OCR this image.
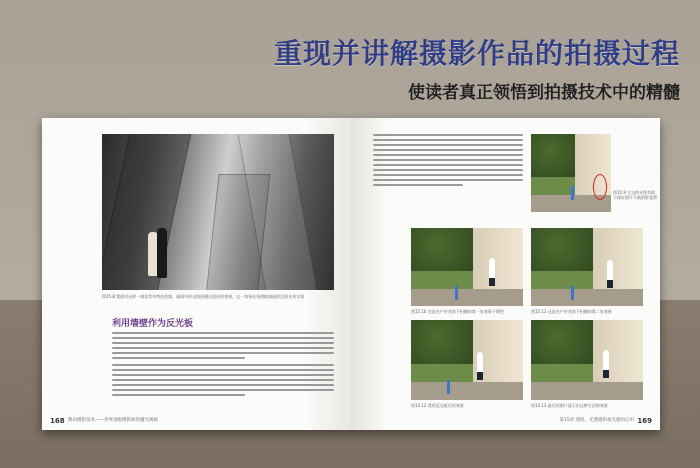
重现并讲解摄影作品的拍摄过程
使读者真正领悟到拍摄技术中的精髓
图15.8 我面对这样一堵非常有特色的墙，画面中的光线拍摄出很好的效果，这一效果必须借助墙面的反射光来实现
利用墙壁作为反光板
168 数码摄影技术——世界顶级摄影师的魔光揭秘
图15.9 左边的光线有助于保证照片不被阴影笼罩
图15.10 这是在户外光线下拍摄的第一张效果不理想	图15.11 这是在户外光线下拍摄的第二张效果
图15.12 我用反光板后的效果	图15.13 最后的照片显示出这种方法的效果
第15章 墙壁、光透板和柔光板的应用 169
